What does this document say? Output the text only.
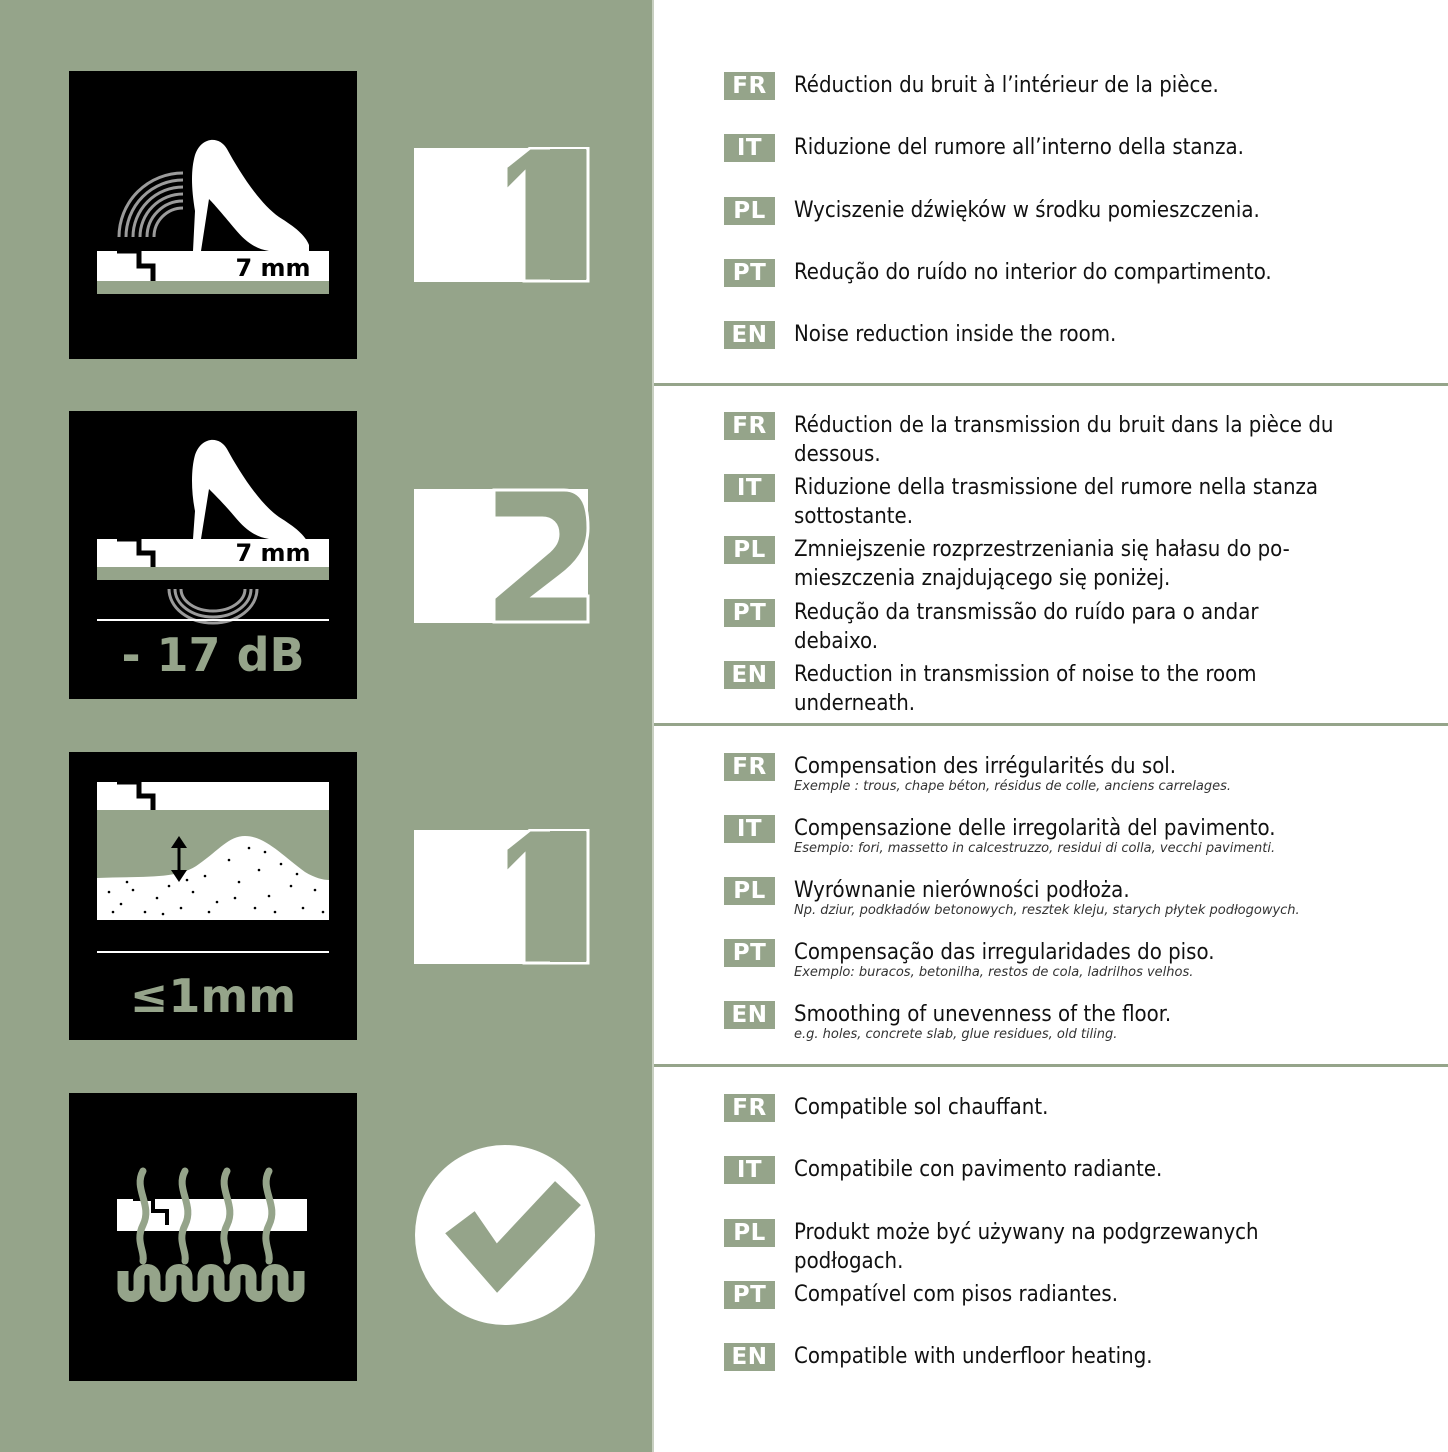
7 mm
7 mm
- 17 dB
≤1mm
FR	Réduction du bruit à l’intérieur de la pièce.
IT	Riduzione del rumore all’interno della stanza.
PL	Wyciszenie dźwięków w środku pomieszczenia.
PT	Redução do ruído no interior do compartimento.
EN	Noise reduction inside the room.
FR	Réduction de la transmission du bruit dans la pièce du dessous.
IT	Riduzione della trasmissione del rumore nella stanza sottostante.
PL	Zmniejszenie rozprzestrzeniania się hałasu do po-mieszczenia znajdującego się poniżej.
PT	Redução da transmissão do ruído para o andar debaixo.
EN	Reduction in transmission of noise to the room underneath.
FR	Compensation des irrégularités du sol.
Exemple : trous, chape béton, résidus de colle, anciens carrelages.
IT	Compensazione delle irregolarità del pavimento.
Esempio: fori, massetto in calcestruzzo, residui di colla, vecchi pavimenti.
PL	Wyrównanie nierówności podłoża.
Np. dziur, podkładów betonowych, resztek kleju, starych płytek podłogowych.
PT	Compensação das irregularidades do piso.
Exemplo: buracos, betonilha, restos de cola, ladrilhos velhos.
EN	Smoothing of unevenness of the floor.
e.g. holes, concrete slab, glue residues, old tiling.
FR	Compatible sol chauffant.
IT	Compatibile con pavimento radiante.
PL	Produkt może być używany na podgrzewanych podłogach.
PT	Compatível com pisos radiantes.
EN	Compatible with underfloor heating.
